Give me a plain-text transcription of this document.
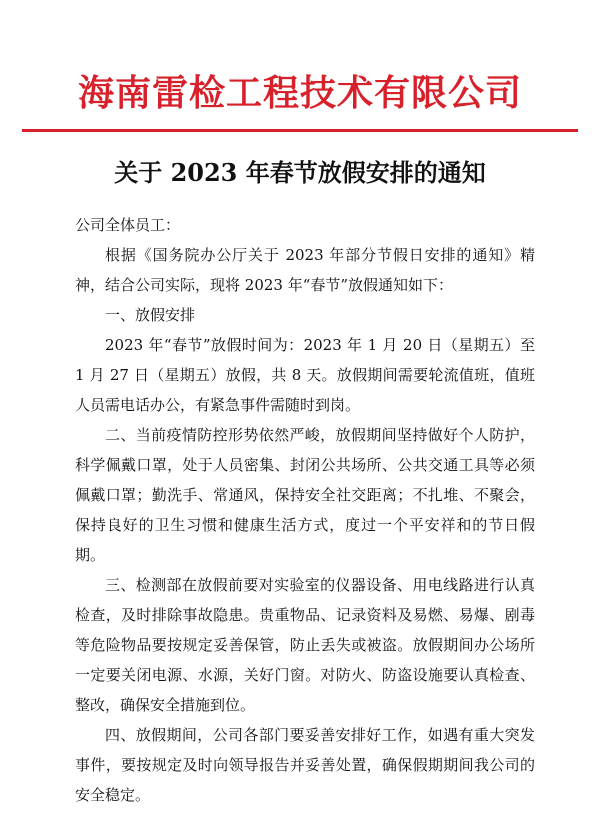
海南雷检工程技术有限公司
关于 2023 年春节放假安排的通知

公司全体员工：

根据《国务院办公厅关于 2023 年部分节假日安排的通知》精神，结合公司实际，现将 2023 年“春节”放假通知如下：

一、放假安排

2023 年“春节”放假时间为：2023 年 1 月 20 日（星期五）至 1 月 27 日（星期五）放假，共 8 天。放假期间需要轮流值班，值班人员需电话办公，有紧急事件需随时到岗。

二、当前疫情防控形势依然严峻，放假期间坚持做好个人防护，科学佩戴口罩，处于人员密集、封闭公共场所、公共交通工具等必须佩戴口罩；勤洗手、常通风，保持安全社交距离；不扎堆、不聚会，保持良好的卫生习惯和健康生活方式，度过一个平安祥和的节日假期。

三、检测部在放假前要对实验室的仪器设备、用电线路进行认真检查，及时排除事故隐患。贵重物品、记录资料及易燃、易爆、剧毒等危险物品要按规定妥善保管，防止丢失或被盗。放假期间办公场所一定要关闭电源、水源，关好门窗。对防火、防盗设施要认真检查、整改，确保安全措施到位。

四、放假期间，公司各部门要妥善安排好工作，如遇有重大突发事件，要按规定及时向领导报告并妥善处置，确保假期期间我公司的安全稳定。
